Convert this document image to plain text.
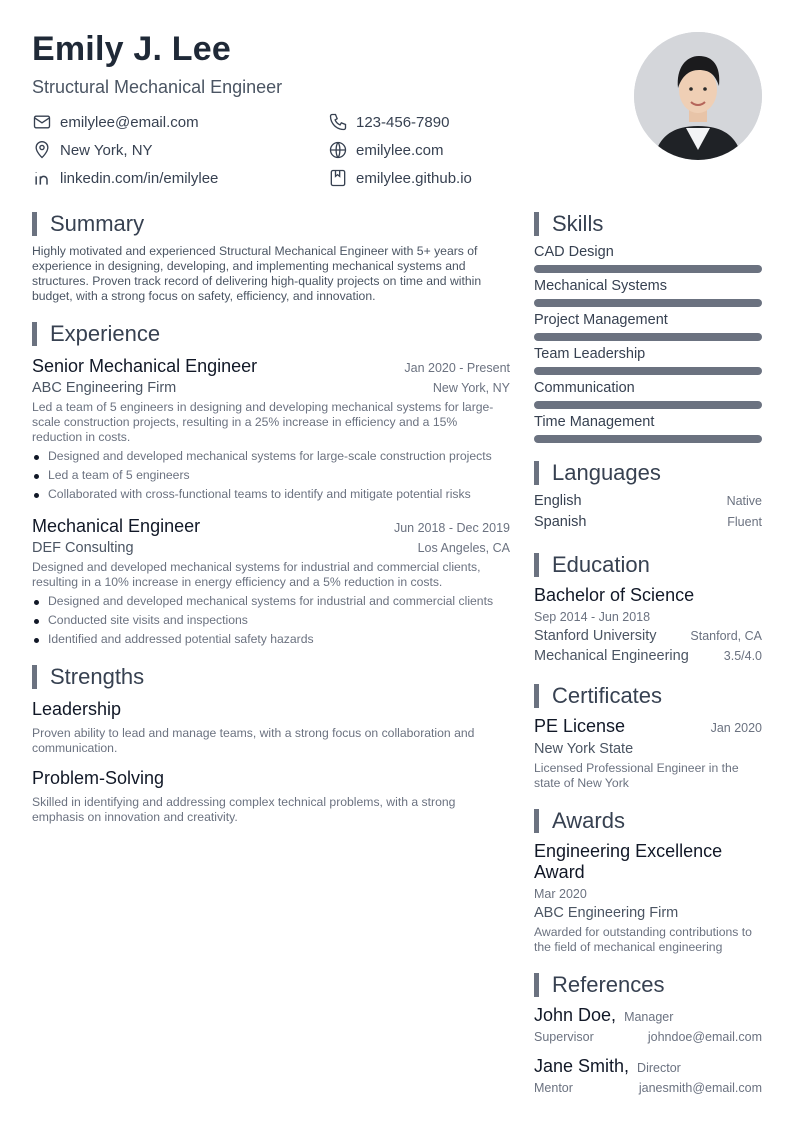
Emily J. Lee
Structural Mechanical Engineer
emilylee@email.com	123-456-7890
New York, NY	emilylee.com
linkedin.com/in/emilylee	emilylee.github.io
Summary
Highly motivated and experienced Structural Mechanical Engineer with 5+ years of experience in designing, developing, and implementing mechanical systems and structures. Proven track record of delivering high-quality projects on time and within budget, with a strong focus on safety, efficiency, and innovation.
Experience
Senior Mechanical Engineer	Jan 2020 - Present
ABC Engineering Firm	New York, NY
Led a team of 5 engineers in designing and developing mechanical systems for large-scale construction projects, resulting in a 25% increase in efficiency and a 15% reduction in costs.
Designed and developed mechanical systems for large-scale construction projects
Led a team of 5 engineers
Collaborated with cross-functional teams to identify and mitigate potential risks
Mechanical Engineer	Jun 2018 - Dec 2019
DEF Consulting	Los Angeles, CA
Designed and developed mechanical systems for industrial and commercial clients, resulting in a 10% increase in energy efficiency and a 5% reduction in costs.
Designed and developed mechanical systems for industrial and commercial clients
Conducted site visits and inspections
Identified and addressed potential safety hazards
Strengths
Leadership
Proven ability to lead and manage teams, with a strong focus on collaboration and communication.
Problem-Solving
Skilled in identifying and addressing complex technical problems, with a strong emphasis on innovation and creativity.
Skills
CAD Design
Mechanical Systems
Project Management
Team Leadership
Communication
Time Management
Languages
English	Native
Spanish	Fluent
Education
Bachelor of Science
Sep 2014 - Jun 2018
Stanford University	Stanford, CA
Mechanical Engineering	3.5/4.0
Certificates
PE License	Jan 2020
New York State
Licensed Professional Engineer in the state of New York
Awards
Engineering Excellence Award
Mar 2020
ABC Engineering Firm
Awarded for outstanding contributions to the field of mechanical engineering
References
John Doe, Manager
Supervisor	johndoe@email.com
Jane Smith, Director
Mentor	janesmith@email.com
